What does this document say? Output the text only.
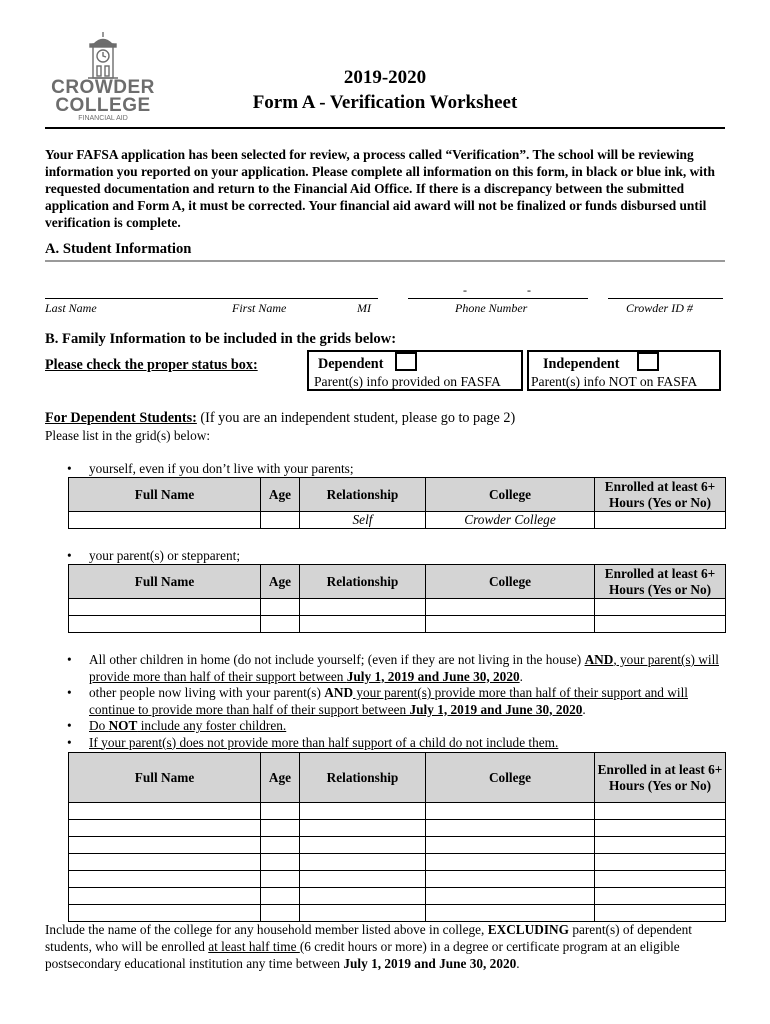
CROWDER
COLLEGE
FINANCIAL AID
2019-2020
Form A - Verification Worksheet
Your FAFSA application has been selected for review, a process called “Verification”. The school will be reviewing information you reported on your application. Please complete all information on this form, in black or blue ink, with requested documentation and return to the Financial Aid Office. If there is a discrepancy between the submitted application and Form A, it must be corrected. Your financial aid award will not be finalized or funds disbursed until verification is complete.
A. Student Information
-                    -
Last Name	First Name	MI	Phone Number	Crowder ID #
B. Family Information to be included in the grids below:
Please check the proper status box:	Dependent
Parent(s) info provided on FASFA
Independent
Parent(s) info NOT on FASFA
For Dependent Students: (If you are an independent student, please go to page 2)
Please list in the grid(s) below:
• yourself, even if you don’t live with your parents;
Full Name	Age	Relationship	College	Enrolled at least 6+ Hours (Yes or No)
		Self	Crowder College	
• your parent(s) or stepparent;
Full Name	Age	Relationship	College	Enrolled at least 6+ Hours (Yes or No)

• All other children in home (do not include yourself; (even if they are not living in the house) AND, your parent(s) will provide more than half of their support between July 1, 2019 and June 30, 2020.
• other people now living with your parent(s) AND your parent(s) provide more than half of their support and will continue to provide more than half of their support between July 1, 2019 and June 30, 2020.
• Do NOT include any foster children.
• If your parent(s) does not provide more than half support of a child do not include them.
Full Name	Age	Relationship	College	Enrolled in at least 6+ Hours (Yes or No)

Include the name of the college for any household member listed above in college, EXCLUDING parent(s) of dependent students, who will be enrolled at least half time (6 credit hours or more) in a degree or certificate program at an eligible postsecondary educational institution any time between July 1, 2019 and June 30, 2020.
